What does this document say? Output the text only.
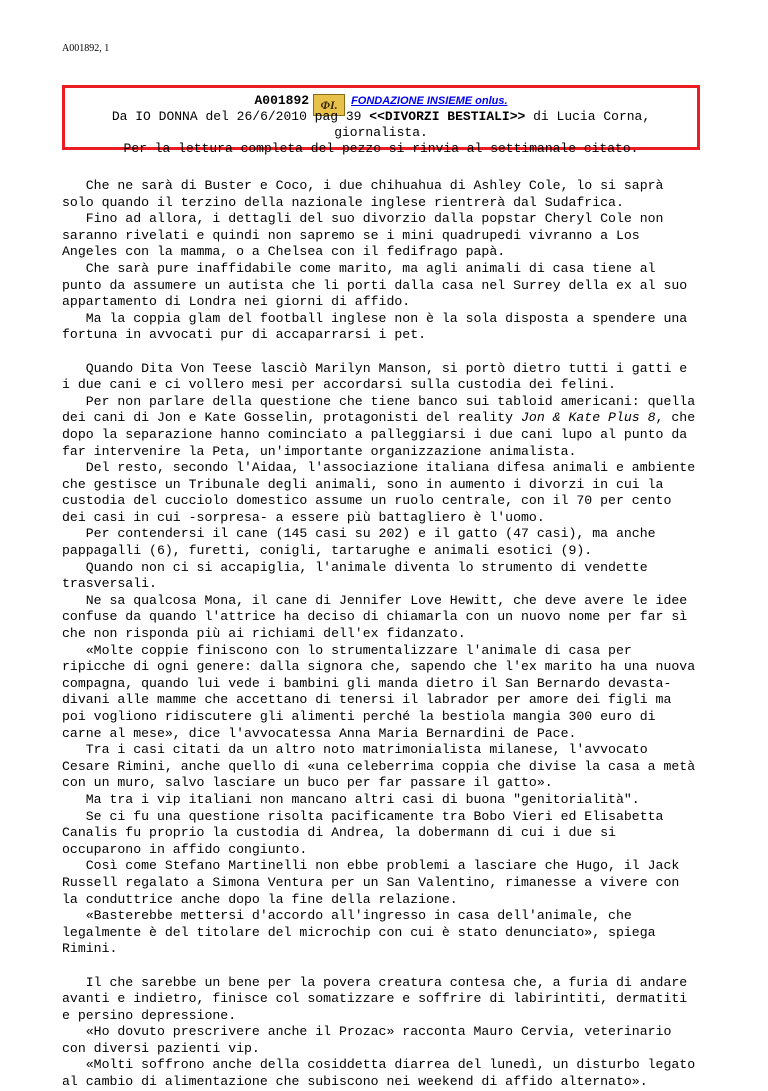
A001892, 1
A001892 ΦI. FONDAZIONE INSIEME onlus.
Da IO DONNA del 26/6/2010 pag 39 <<DIVORZI BESTIALI>> di Lucia Corna,
giornalista.
Per la lettura completa del pezzo si rinvia al settimanale citato.

Che ne sarà di Buster e Coco, i due chihuahua di Ashley Cole, lo si saprà

solo quando il terzino della nazionale inglese rientrerà dal Sudafrica.

Fino ad allora, i dettagli del suo divorzio dalla popstar Cheryl Cole non

saranno rivelati e quindi non sapremo se i mini quadrupedi vivranno a Los

Angeles con la mamma, o a Chelsea con il fedifrago papà.

Che sarà pure inaffidabile come marito, ma agli animali di casa tiene al

punto da assumere un autista che li porti dalla casa nel Surrey della ex al suo

appartamento di Londra nei giorni di affido.

Ma la coppia glam del football inglese non è la sola disposta a spendere una

fortuna in avvocati pur di accaparrarsi i pet.

Quando Dita Von Teese lasciò Marilyn Manson, si portò dietro tutti i gatti e

i due cani e ci vollero mesi per accordarsi sulla custodia dei felini.

Per non parlare della questione che tiene banco sui tabloid americani: quella

dei cani di Jon e Kate Gosselin, protagonisti del reality Jon & Kate Plus 8, che

dopo la separazione hanno cominciato a palleggiarsi i due cani lupo al punto da

far intervenire la Peta, un'importante organizzazione animalista.

Del resto, secondo l'Aidaa, l'associazione italiana difesa animali e ambiente

che gestisce un Tribunale degli animali, sono in aumento i divorzi in cui la

custodia del cucciolo domestico assume un ruolo centrale, con il 70 per cento

dei casi in cui -sorpresa- a essere più battagliero è l'uomo.

Per contendersi il cane (145 casi su 202) e il gatto (47 casi), ma anche

pappagalli (6), furetti, conigli, tartarughe e animali esotici (9).

Quando non ci si accapiglia, l'animale diventa lo strumento di vendette

trasversali.

Ne sa qualcosa Mona, il cane di Jennifer Love Hewitt, che deve avere le idee

confuse da quando l'attrice ha deciso di chiamarla con un nuovo nome per far sì

che non risponda più ai richiami dell'ex fidanzato.

«Molte coppie finiscono con lo strumentalizzare l'animale di casa per

ripicche di ogni genere: dalla signora che, sapendo che l'ex marito ha una nuova

compagna, quando lui vede i bambini gli manda dietro il San Bernardo devasta-

divani alle mamme che accettano di tenersi il labrador per amore dei figli ma

poi vogliono ridiscutere gli alimenti perché la bestiola mangia 300 euro di

carne al mese», dice l'avvocatessa Anna Maria Bernardini de Pace.

Tra i casi citati da un altro noto matrimonialista milanese, l'avvocato

Cesare Rimini, anche quello di «una celeberrima coppia che divise la casa a metà

con un muro, salvo lasciare un buco per far passare il gatto».

Ma tra i vip italiani non mancano altri casi di buona "genitorialità".

Se ci fu una questione risolta pacificamente tra Bobo Vieri ed Elisabetta

Canalis fu proprio la custodia di Andrea, la dobermann di cui i due si

occuparono in affido congiunto.

Così come Stefano Martinelli non ebbe problemi a lasciare che Hugo, il Jack

Russell regalato a Simona Ventura per un San Valentino, rimanesse a vivere con

la conduttrice anche dopo la fine della relazione.

«Basterebbe mettersi d'accordo all'ingresso in casa dell'animale, che

legalmente è del titolare del microchip con cui è stato denunciato», spiega

Rimini.

Il che sarebbe un bene per la povera creatura contesa che, a furia di andare

avanti e indietro, finisce col somatizzare e soffrire di labirintiti, dermatiti

e persino depressione.

«Ho dovuto prescrivere anche il Prozac» racconta Mauro Cervia, veterinario

con diversi pazienti vip.

«Molti soffrono anche della cosiddetta diarrea del lunedì, un disturbo legato

al cambio di alimentazione che subiscono nei weekend di affido alternato».
